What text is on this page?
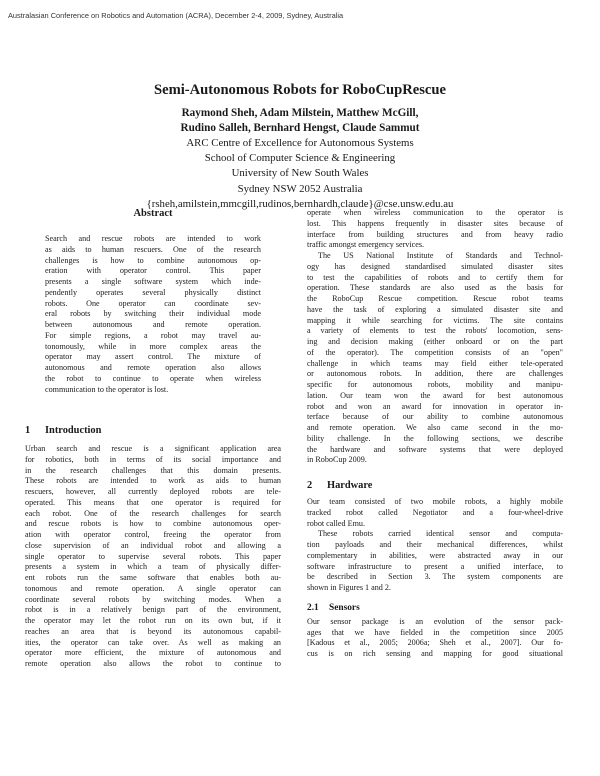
Australasian Conference on Robotics and Automation (ACRA), December 2-4, 2009, Sydney, Australia
Semi-Autonomous Robots for RoboCupRescue
Raymond Sheh, Adam Milstein, Matthew McGill,
Rudino Salleh, Bernhard Hengst, Claude Sammut
ARC Centre of Excellence for Autonomous Systems
School of Computer Science & Engineering
University of New South Wales
Sydney NSW 2052 Australia
{rsheh,amilstein,mmcgill,rudinos,bernhardh,claude}@cse.unsw.edu.au
Abstract
Search and rescue robots are intended to work
as aids to human rescuers. One of the research
challenges is how to combine autonomous op-
eration with operator control. This paper
presents a single software system which inde-
pendently operates several physically distinct
robots. One operator can coordinate sev-
eral robots by switching their individual mode
between autonomous and remote operation.
For simple regions, a robot may travel au-
tonomously, while in more complex areas the
operator may assert control. The mixture of
autonomous and remote operation also allows
the robot to continue to operate when wireless
communication to the operator is lost.
1 Introduction
Urban search and rescue is a significant application area
for robotics, both in terms of its social importance and
in the research challenges that this domain presents.
These robots are intended to work as aids to human
rescuers, however, all currently deployed robots are tele-
operated. This means that one operator is required for
each robot. One of the research challenges for search
and rescue robots is how to combine autonomous oper-
ation with operator control, freeing the operator from
close supervision of an individual robot and allowing a
single operator to supervise several robots. This paper
presents a system in which a team of physically differ-
ent robots run the same software that enables both au-
tonomous and remote operation. A single operator can
coordinate several robots by switching modes. When a
robot is in a relatively benign part of the environment,
the operator may let the robot run on its own but, if it
reaches an area that is beyond its autonomous capabil-
ities, the operator can take over. As well as making an
operator more efficient, the mixture of autonomous and
remote operation also allows the robot to continue to
operate when wireless communication to the operator is
lost. This happens frequently in disaster sites because of
interface from building structures and from heavy radio
traffic amongst emergency services.
The US National Institute of Standards and Technol-
ogy has designed standardised simulated disaster sites
to test the capabilities of robots and to certify them for
operation. These standards are also used as the basis for
the RoboCup Rescue competition. Rescue robot teams
have the task of exploring a simulated disaster site and
mapping it while searching for victims. The site contains
a variety of elements to test the robots' locomotion, sens-
ing and decision making (either onboard or on the part
of the operator). The competition consists of an "open"
challenge in which teams may field either tele-operated
or autonomous robots. In addition, there are challenges
specific for autonomous robots, mobility and manipu-
lation. Our team won the award for best autonomous
robot and won an award for innovation in operator in-
terface because of our ability to combine autonomous
and remote operation. We also came second in the mo-
bility challenge. In the following sections, we describe
the hardware and software systems that were deployed
in RoboCup 2009.
2 Hardware
Our team consisted of two mobile robots, a highly mobile
tracked robot called Negotiator and a four-wheel-drive
robot called Emu.
These robots carried identical sensor and computa-
tion payloads and their mechanical differences, whilst
complementary in abilities, were abstracted away in our
software infrastructure to present a unified interface, to
be described in Section 3. The system components are
shown in Figures 1 and 2.
2.1 Sensors
Our sensor package is an evolution of the sensor pack-
ages that we have fielded in the competition since 2005
[Kadous et al., 2005; 2006a; Sheh et al., 2007]. Our fo-
cus is on rich sensing and mapping for good situational
